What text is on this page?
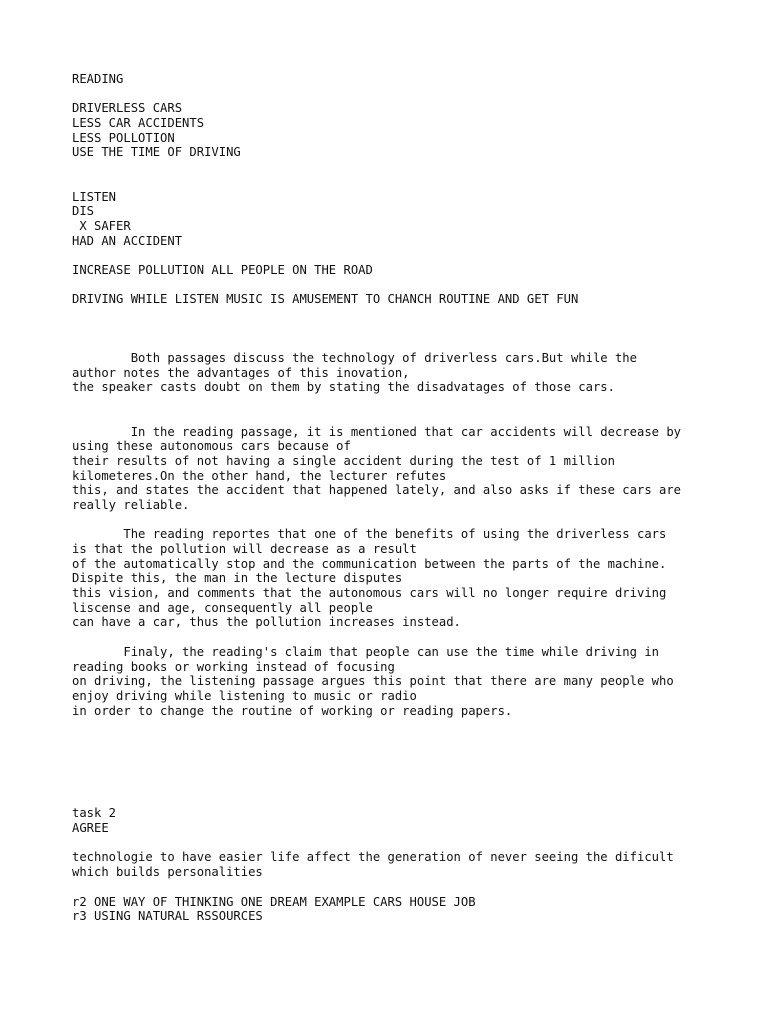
READING
DRIVERLESS CARS
LESS CAR ACCIDENTS
LESS POLLOTION
USE THE TIME OF DRIVING
LISTEN
DIS
X SAFER
HAD AN ACCIDENT
INCREASE POLLUTION ALL PEOPLE ON THE ROAD
DRIVING WHILE LISTEN MUSIC IS AMUSEMENT TO CHANCH ROUTINE AND GET FUN
Both passages discuss the technology of driverless cars.But while the
author notes the advantages of this inovation,
the speaker casts doubt on them by stating the disadvatages of those cars.
In the reading passage, it is mentioned that car accidents will decrease by
using these autonomous cars because of
their results of not having a single accident during the test of 1 million
kilometeres.On the other hand, the lecturer refutes
this, and states the accident that happened lately, and also asks if these cars are
really reliable.
The reading reportes that one of the benefits of using the driverless cars
is that the pollution will decrease as a result
of the automatically stop and the communication between the parts of the machine.
Dispite this, the man in the lecture disputes
this vision, and comments that the autonomous cars will no longer require driving
liscense and age, consequently all people
can have a car, thus the pollution increases instead.
Finaly, the reading's claim that people can use the time while driving in
reading books or working instead of focusing
on driving, the listening passage argues this point that there are many people who
enjoy driving while listening to music or radio
in order to change the routine of working or reading papers.
task 2
AGREE
technologie to have easier life affect the generation of never seeing the dificult
which builds personalities
r2 ONE WAY OF THINKING ONE DREAM EXAMPLE CARS HOUSE JOB
r3 USING NATURAL RSSOURCES
